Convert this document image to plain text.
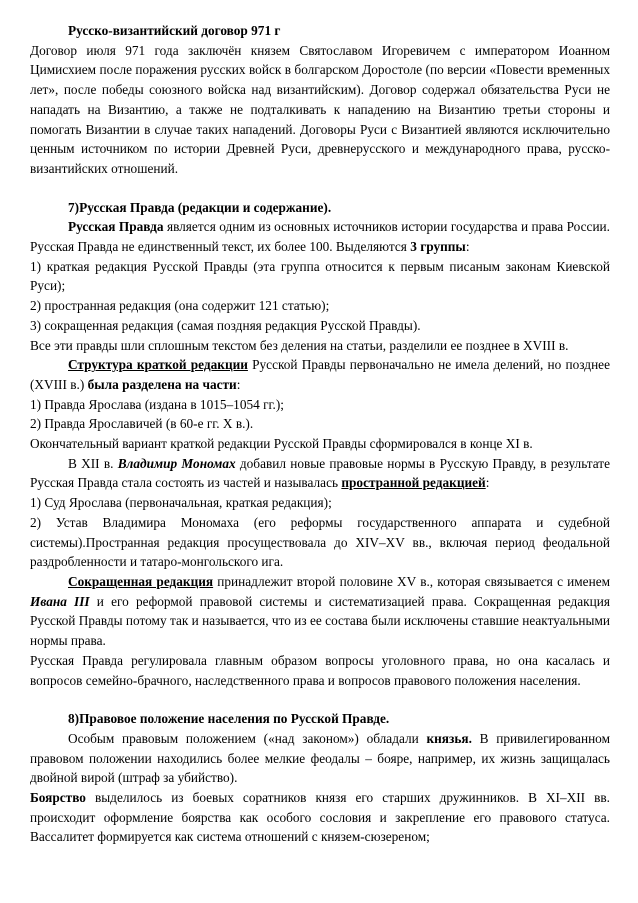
Русско-византийский договор 971 г

Договор июля 971 года заключён князем Святославом Игоревичем с императором Иоанном Цимисхием после поражения русских войск в болгарском Доростоле (по версии «Повести временных лет», после победы союзного войска над византийским). Договор содержал обязательства Руси не нападать на Византию, а также не подталкивать к нападению на Византию третьи стороны и помогать Византии в случае таких нападений. Договоры Руси с Византией являются исключительно ценным источником по истории Древней Руси, древнерусского и международного права, русско-византийских отношений.

7)Русская Правда (редакции и содержание).

Русская Правда является одним из основных источников истории государства и права России. Русская Правда не единственный текст, их более 100. Выделяются 3 группы:

1) краткая редакция Русской Правды (эта группа относится к первым писаным законам Киевской Руси);

2) пространная редакция (она содержит 121 статью);

3) сокращенная редакция (самая поздняя редакция Русской Правды).

Все эти правды шли сплошным текстом без деления на статьи, разделили ее позднее в XVIII в.

Структура краткой редакции Русской Правды первоначально не имела делений, но позднее (XVIII в.) была разделена на части:

1) Правда Ярослава (издана в 1015–1054 гг.);

2) Правда Ярославичей (в 60-е гг. X в.).

Окончательный вариант краткой редакции Русской Правды сформировался в конце XI в.

В XII в. Владимир Мономах добавил новые правовые нормы в Русскую Правду, в результате Русская Правда стала состоять из частей и называлась пространной редакцией:

1) Суд Ярослава (первоначальная, краткая редакция);

2) Устав Владимира Мономаха (его реформы государственного аппарата и судебной системы).Пространная редакция просуществовала до XIV–XV вв., включая период феодальной раздробленности и татаро-монгольского ига.

Сокращенная редакция принадлежит второй половине XV в., которая связывается с именем Ивана III и его реформой правовой системы и систематизацией права. Сокращенная редакция Русской Правды потому так и называется, что из ее состава были исключены ставшие неактуальными нормы права.

Русская Правда регулировала главным образом вопросы уголовного права, но она касалась и вопросов семейно-брачного, наследственного права и вопросов правового положения населения.

8)Правовое положение населения по Русской Правде.

Особым правовым положением («над законом») обладали князья. В привилегированном правовом положении находились более мелкие феодалы – бояре, например, их жизнь защищалась двойной вирой (штраф за убийство).

Боярство выделилось из боевых соратников князя его старших дружинников. В XI–XII вв. происходит оформление боярства как особого сословия и закрепление его правового статуса. Вассалитет формируется как система отношений с князем-сюзереном;
